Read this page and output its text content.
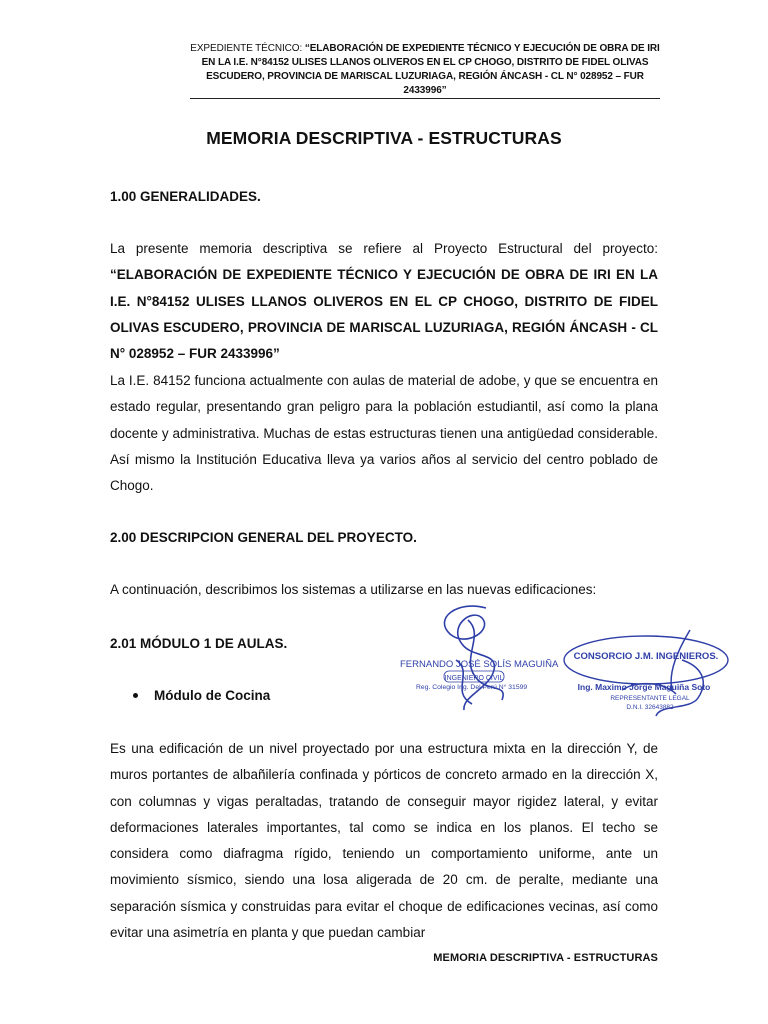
EXPEDIENTE TÉCNICO: “ELABORACIÓN DE EXPEDIENTE TÉCNICO Y EJECUCIÓN DE OBRA DE IRI EN LA I.E. N°84152 ULISES LLANOS OLIVEROS EN EL CP CHOGO, DISTRITO DE FIDEL OLIVAS ESCUDERO, PROVINCIA DE MARISCAL LUZURIAGA, REGIÓN ÁNCASH - CL N° 028952 – FUR 2433996”
MEMORIA DESCRIPTIVA - ESTRUCTURAS
1.00 GENERALIDADES.
La presente memoria descriptiva se refiere al Proyecto Estructural del proyecto: “ELABORACIÓN DE EXPEDIENTE TÉCNICO Y EJECUCIÓN DE OBRA DE IRI EN LA I.E. N°84152 ULISES LLANOS OLIVEROS EN EL CP CHOGO, DISTRITO DE FIDEL OLIVAS ESCUDERO, PROVINCIA DE MARISCAL LUZURIAGA, REGIÓN ÁNCASH - CL N° 028952 – FUR 2433996”
La I.E. 84152 funciona actualmente con aulas de material de adobe, y que se encuentra en estado regular, presentando gran peligro para la población estudiantil, así como la plana docente y administrativa. Muchas de estas estructuras tienen una antigüedad considerable. Así mismo la Institución Educativa lleva ya varios años al servicio del centro poblado de Chogo.
2.00 DESCRIPCION GENERAL DEL PROYECTO.
A continuación, describimos los sistemas a utilizarse en las nuevas edificaciones:
2.01 MÓDULO 1 DE AULAS.
Módulo de Cocina
Es una edificación de un nivel proyectado por una estructura mixta en la dirección Y, de muros portantes de albañilería confinada y pórticos de concreto armado en la dirección X, con columnas y vigas peraltadas, tratando de conseguir mayor rigidez lateral, y evitar deformaciones laterales importantes, tal como se indica en los planos. El techo se considera como diafragma rígido, teniendo un comportamiento uniforme, ante un movimiento sísmico, siendo una losa aligerada de 20 cm. de peralte, mediante una separación sísmica y construidas para evitar el choque de edificaciones vecinas, así como evitar una asimetría en planta y que puedan cambiar
FERNANDO JOSÉ SOLÍS MAGUIÑA
INGENIERO CIVIL
Reg. Colegio Ing. Del Perú N° 31599
CONSORCIO J.M. INGENIEROS.
Ing. Maximo Jorge Maguiña Soto
REPRESENTANTE LEGAL
D.N.I. 32643882
MEMORIA DESCRIPTIVA - ESTRUCTURAS
